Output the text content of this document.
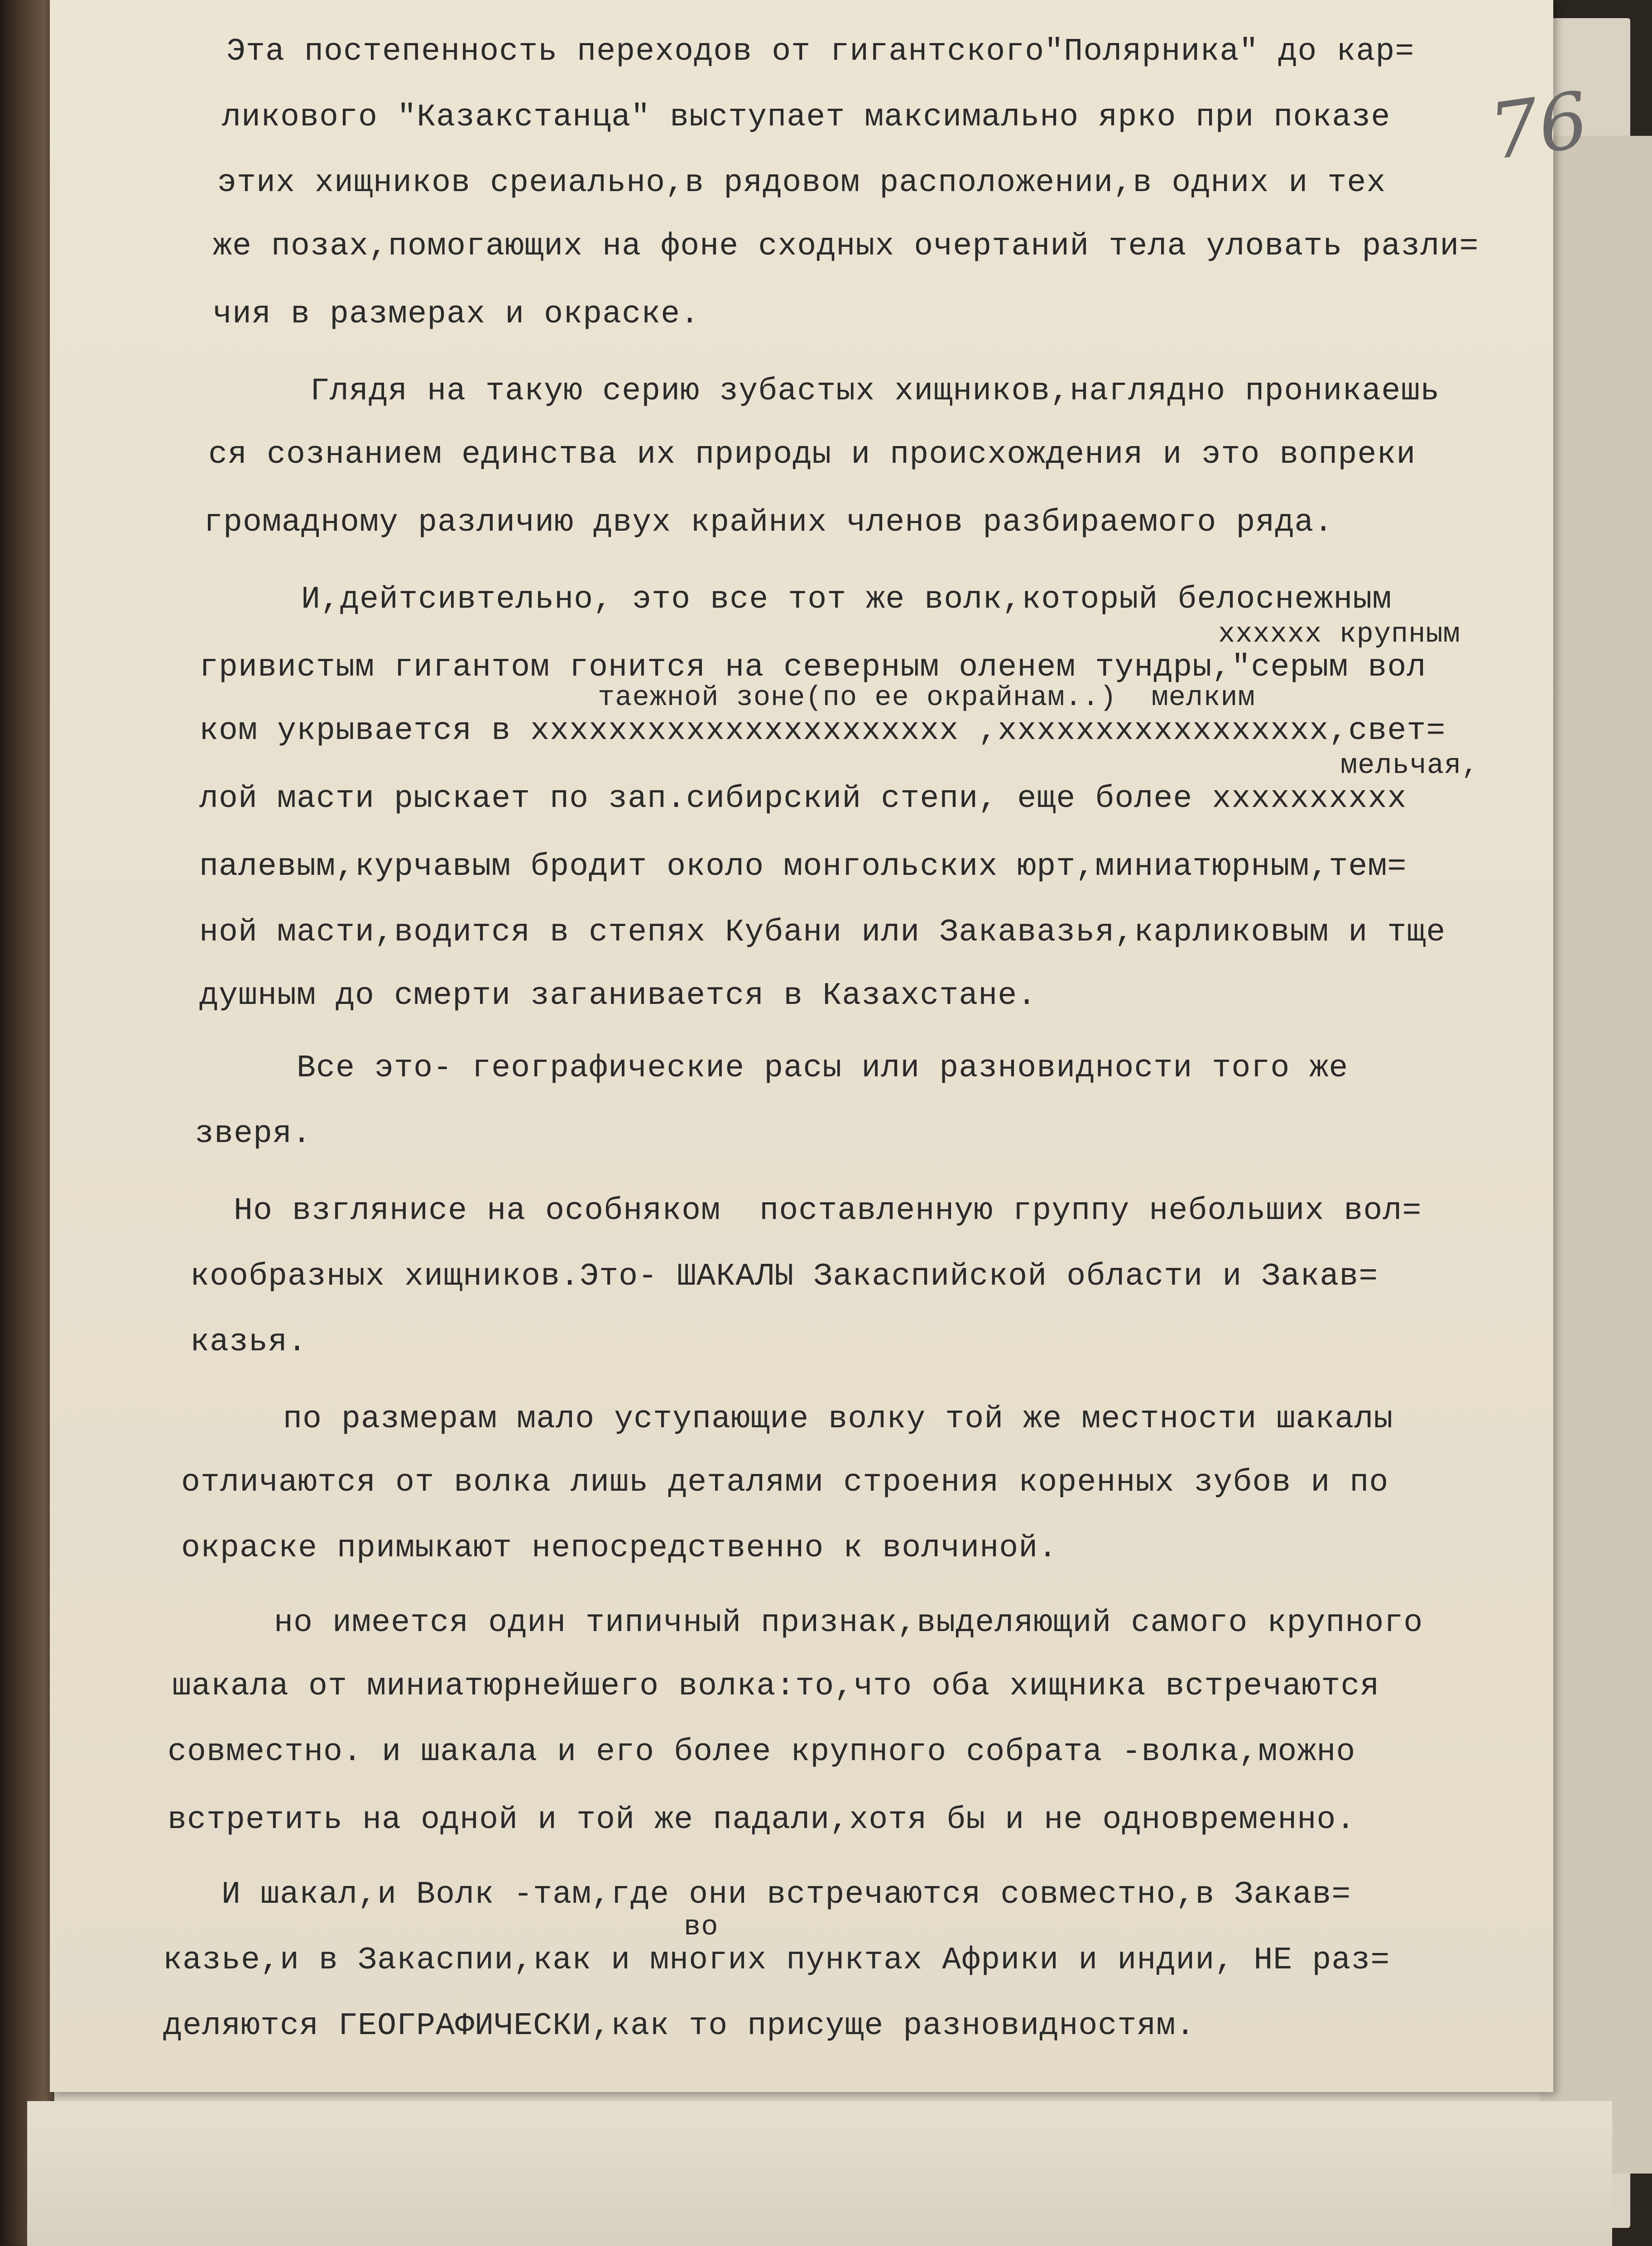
76
Эта постепенность переходов от гигантского"Полярника" до кар=
ликового "Казакстанца" выступает максимально ярко при показе
этих хищников среиально,в рядовом расположении,в одних и тех
же позах,помогающих на фоне сходных очертаний тела уловать разли=
чия в размерах и окраске.
Глядя на такую серию зубастых хищников,наглядно проникаешь
ся сознанием единства их природы и происхождения и это вопреки
громадному различию двух крайних членов разбираемого ряда.
И,дейтсивтельно, это все тот же волк,который белоснежным
xxxxxx крупным
гривистым гигантом гонится на северным оленем тундры,"серым вол
таежной зоне(по ее окрайнам..)  мелким
ком укрывается в xxxxxxxxxxxxxxxxxxxxxx ,xxxxxxxxxxxxxxxxx,свет=
мельчая,
лой масти рыскает по зап.сибирский степи, еще более xxxxxxxxxx
палевым,курчавым бродит около монгольских юрт,миниатюрным,тем=
ной масти,водится в степях Кубани или Закавазья,карликовым и тще
душным до смерти заганивается в Казахстане.
Все это- географические расы или разновидности того же
зверя.
Но взглянисе на особняком  поставленную группу небольших вол=
кообразных хищников.Это- ШАКАЛЫ Закаспийской области и Закав=
казья.
по размерам мало уступающие волку той же местности шакалы
отличаются от волка лишь деталями строения коренных зубов и по
окраске примыкают непосредственно к волчиной.
но имеется один типичный признак,выделяющий самого крупного
шакала от миниатюрнейшего волка:то,что оба хищника встречаются
совместно. и шакала и его более крупного собрата -волка,можно
встретить на одной и той же падали,хотя бы и не одновременно.
И шакал,и Волк -там,где они встречаются совместно,в Закав=
во
казье,и в Закаспии,как и многих пунктах Африки и индии, НЕ раз=
деляются ГЕОГРАФИЧЕСКИ,как то присуще разновидностям.
